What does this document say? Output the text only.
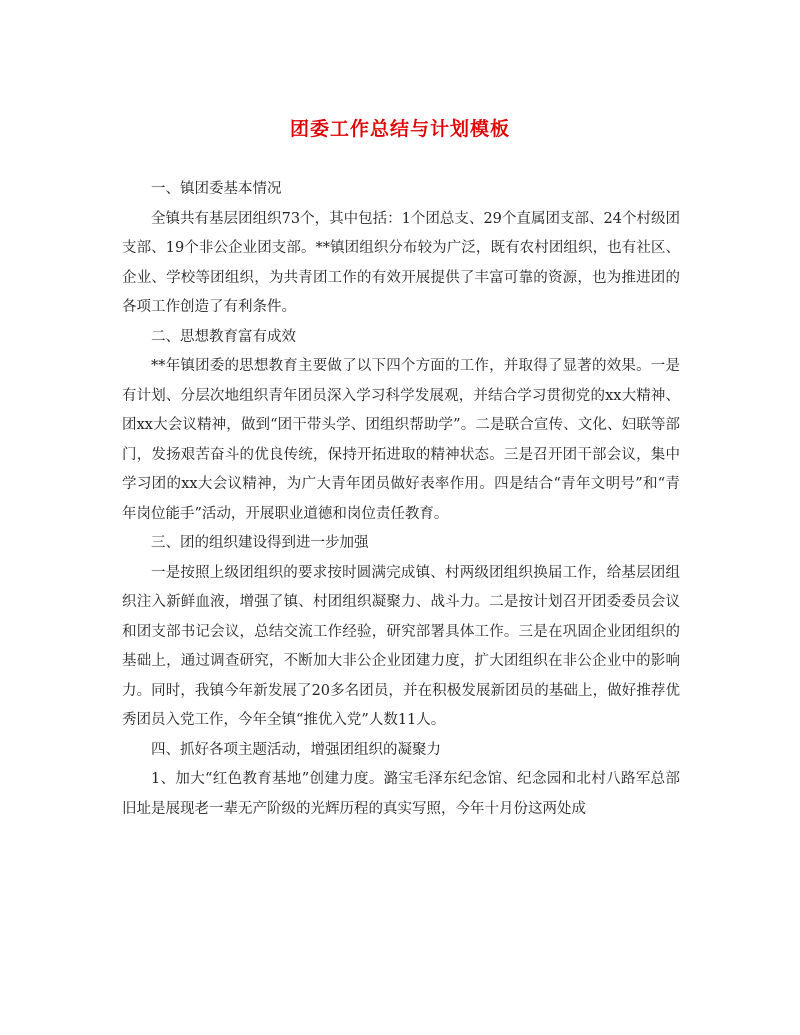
团委工作总结与计划模板

一、镇团委基本情况

全镇共有基层团组织73个，其中包括：1个团总支、29个直属团支部、24个村级团支部、19个非公企业团支部。**镇团组织分布较为广泛，既有农村团组织，也有社区、企业、学校等团组织，为共青团工作的有效开展提供了丰富可靠的资源，也为推进团的各项工作创造了有利条件。

二、思想教育富有成效

**年镇团委的思想教育主要做了以下四个方面的工作，并取得了显著的效果。一是有计划、分层次地组织青年团员深入学习科学发展观，并结合学习贯彻党的xx大精神、团xx大会议精神，做到“团干带头学、团组织帮助学”。二是联合宣传、文化、妇联等部门，发扬艰苦奋斗的优良传统，保持开拓进取的精神状态。三是召开团干部会议，集中学习团的xx大会议精神，为广大青年团员做好表率作用。四是结合“青年文明号”和“青年岗位能手”活动，开展职业道德和岗位责任教育。

三、团的组织建设得到进一步加强

一是按照上级团组织的要求按时圆满完成镇、村两级团组织换届工作，给基层团组织注入新鲜血液，增强了镇、村团组织凝聚力、战斗力。二是按计划召开团委委员会议和团支部书记会议，总结交流工作经验，研究部署具体工作。三是在巩固企业团组织的基础上，通过调查研究，不断加大非公企业团建力度，扩大团组织在非公企业中的影响力。同时，我镇今年新发展了20多名团员，并在积极发展新团员的基础上，做好推荐优秀团员入党工作，今年全镇“推优入党”人数11人。

四、抓好各项主题活动，增强团组织的凝聚力

1、加大“红色教育基地”创建力度。潞宝毛泽东纪念馆、纪念园和北村八路军总部旧址是展现老一辈无产阶级的光辉历程的真实写照，今年十月份这两处成
